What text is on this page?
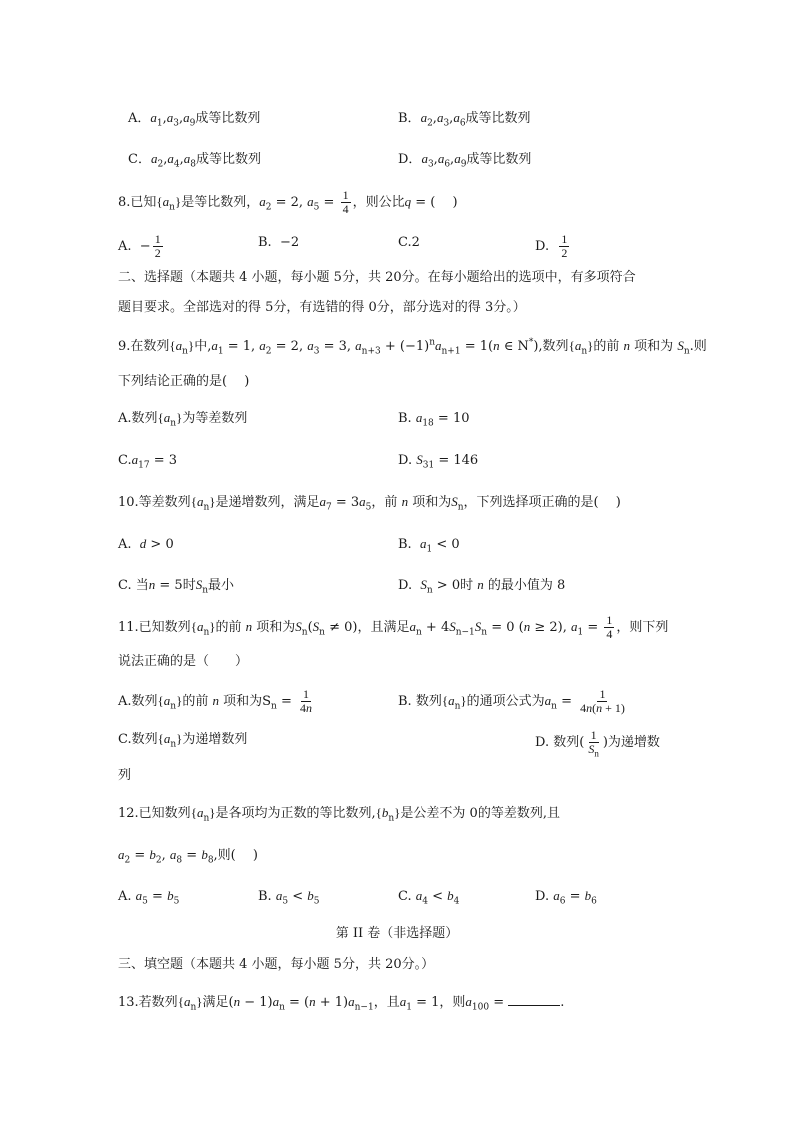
A．$a_1,a_3,a_9$成等比数列	B．$a_2,a_3,a_6$成等比数列
C．$a_2,a_4,a_8$成等比数列	D．$a_3,a_6,a_9$成等比数列
8.已知$\{a_n\}$是等比数列，$a_2 = 2$, $a_5 = \frac{1}{4}$ ，则公比q = (　 )
A.  − $\frac{1}{2}$	B. −2	C.2	D. $\frac{1}{2}$
二、选择题（本题共 4 小题，每小题 5分，共 20分。在每小题给出的选项中，有多项符合
题目要求。全部选对的得 5分，有选错的得 0分，部分选对的得 3分。）
9.在数列$\{a_n\}$中$,a_1 = 1$, $a_2 = 2$, $a_3 = 3$, $a_{n+3} + (-1)^na_{n+1} = 1(n$ ∈ N*),数列$\{a_n\}$的前 n 项和为 $S_n$.则
下列结论正确的是(　 )
A.数列$\{a_n\}$为等差数列	B. $a_{18} = 10$
$C.a_{17} = 3$	D. $S_{31} = 146$
10.等差数列$\{a_n\}$是递增数列，满足$a_7 = 3a_5$，前 n 项和为$S_n$，下列选择项正确的是(　 )
A. d > 0	B. $a_1 < 0$
C. 当n = 5时$S_n$最小	D. $S_n > 0$时 n 的最小值为 8
11.已知数列$\{a_n\}$的前 n 项和为$S_n(S_n \ne 0)$，且满足$a_n + 4S_{n-1}S_n = 0$ (n ≥ 2), $a_1 = \frac{1}{4}$ ，则下列
说法正确的是（　　）
A.数列$\{a_n\}$的前 n 项和为$S_n = \frac{1}{4n}$	B. 数列$\{a_n\}$的通项公式为$a_n = \frac{1}{4n(n + 1)}$
C.数列$\{a_n\}$为递增数列	D. 数列( $\frac{1}{S_n}$ )为递增数
列
12.已知数列$\{a_n\}$是各项均为正数的等比数列$,\{b_n\}$是公差不为 0的等差数列,且
$a_2 = b_2$, $a_8 = b_8$,则(　 )
A. $a_5 = b_5$	B. $a_5 < b_5$	C. $a_4 < b_4$	D. $a_6 = b_6$
第 II 卷（非选择题）
三、填空题（本题共 4 小题，每小题 5分，共 20分。）
13.若数列$\{a_n\}$满足$(n - 1)a_n = (n + 1)a_{n-1}$，且$a_1 = 1$，则$a_{100}$ =	.
